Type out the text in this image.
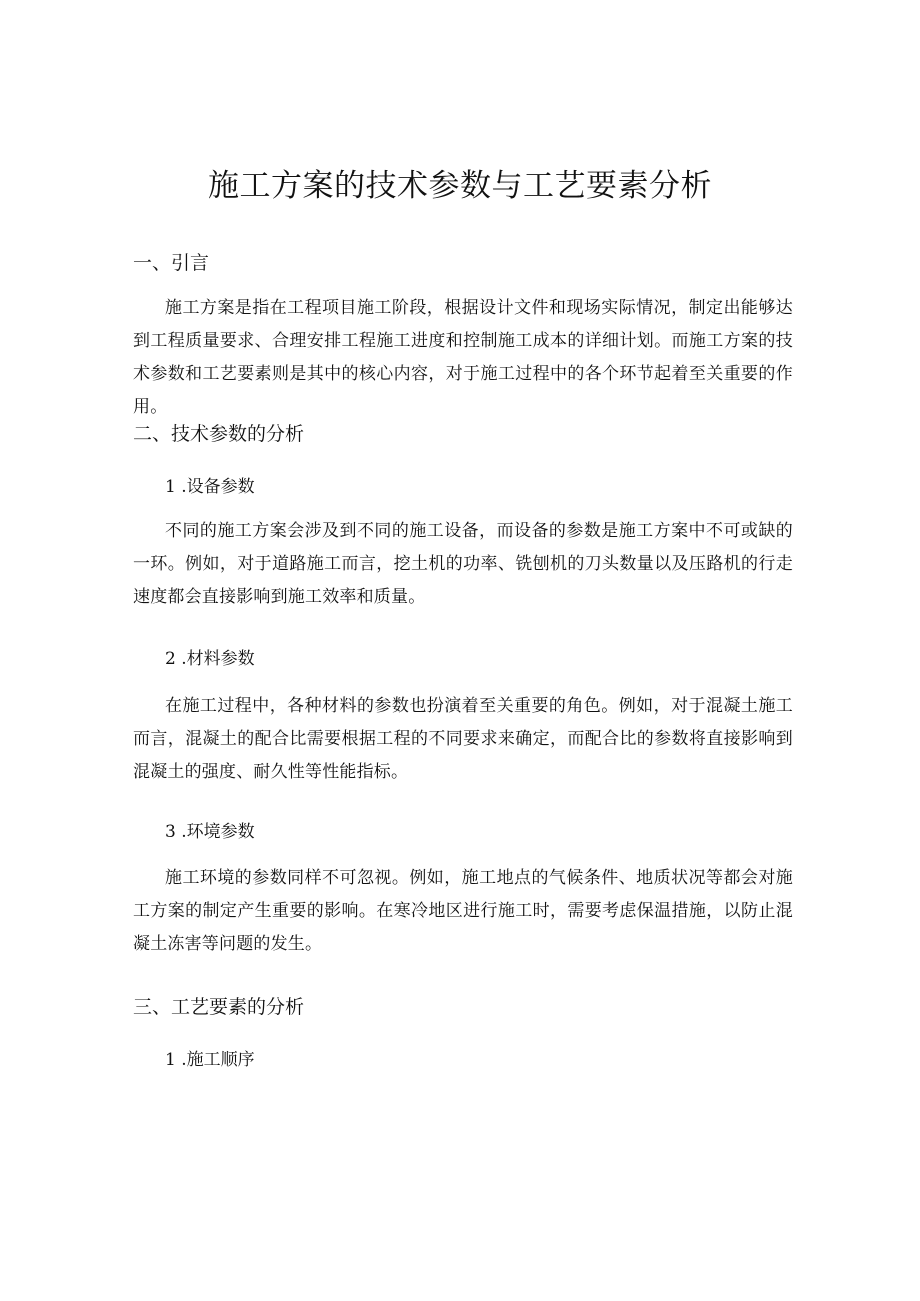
施工方案的技术参数与工艺要素分析
一、引言

施工方案是指在工程项目施工阶段，根据设计文件和现场实际情况，制定出能够达到工程质量要求、合理安排工程施工进度和控制施工成本的详细计划。而施工方案的技术参数和工艺要素则是其中的核心内容，对于施工过程中的各个环节起着至关重要的作用。

二、技术参数的分析
1 .设备参数

不同的施工方案会涉及到不同的施工设备，而设备的参数是施工方案中不可或缺的一环。例如，对于道路施工而言，挖土机的功率、铣刨机的刀头数量以及压路机的行走速度都会直接影响到施工效率和质量。

2 .材料参数

在施工过程中，各种材料的参数也扮演着至关重要的角色。例如，对于混凝土施工而言，混凝土的配合比需要根据工程的不同要求来确定，而配合比的参数将直接影响到混凝土的强度、耐久性等性能指标。

3 .环境参数

施工环境的参数同样不可忽视。例如，施工地点的气候条件、地质状况等都会对施工方案的制定产生重要的影响。在寒冷地区进行施工时，需要考虑保温措施，以防止混凝土冻害等问题的发生。

三、工艺要素的分析
1 .施工顺序
